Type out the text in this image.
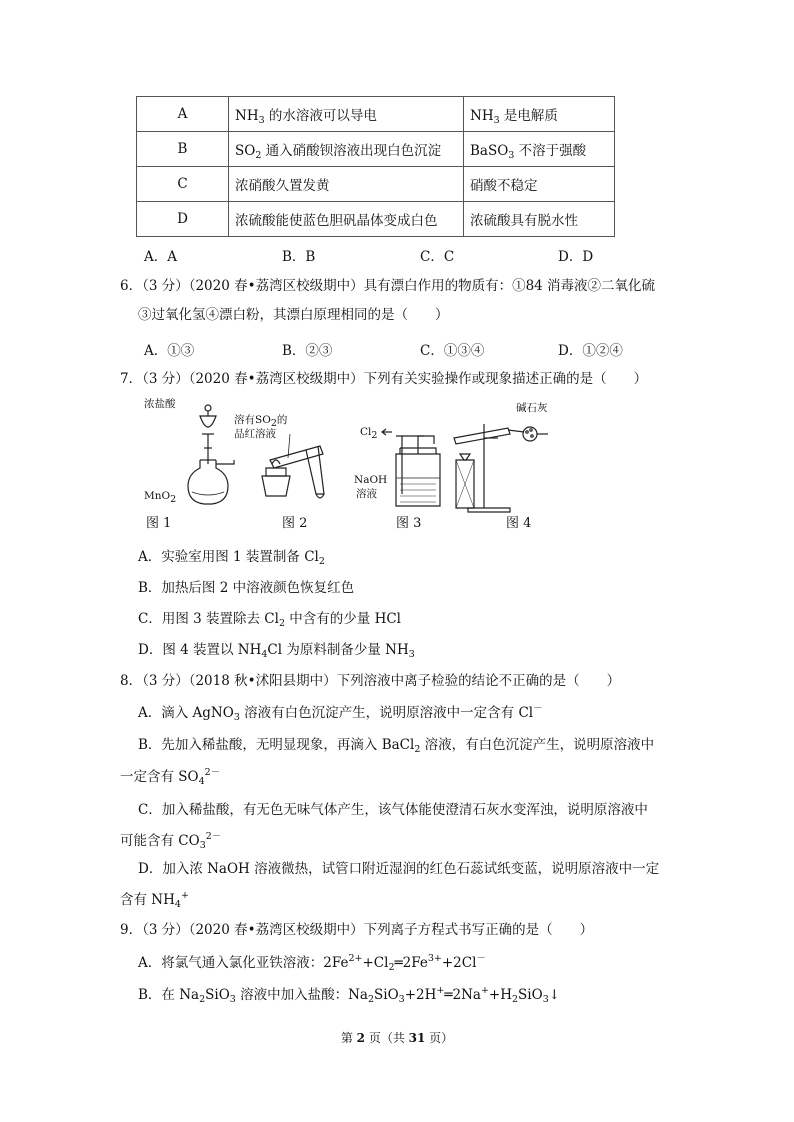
A	$NH_3$ 的水溶液可以导电	$NH_3$ 是电解质
B	$SO_2$ 通入硝酸钡溶液出现白色沉淀	BaSO$_3$ 不溶于强酸
C	浓硝酸久置发黄	硝酸不稳定
D	浓硫酸能使蓝色胆矾晶体变成白色	浓硫酸具有脱水性
A．A	B．B	C．C	D．D
6．（3 分）（2020 春•荔湾区校级期中）具有漂白作用的物质有：①84 消毒液②二氧化硫
③过氧化氢④漂白粉，其漂白原理相同的是（　　）
A．①③	B．②③	C．①③④	D．①②④
7．（3 分）（2020 春•荔湾区校级期中）下列有关实验操作或现象描述正确的是（　　）
浓盐酸
MnO$_2$
溶有$SO_2$的
品红溶液	$Cl_2$
NaOH
溶液
碱石灰
图 1	图 2	图 3	图 4
A．实验室用图 1 装置制备 $Cl_2$
B．加热后图 2 中溶液颜色恢复红色
C．用图 3 装置除去 $Cl_2$ 中含有的少量 HCl
D．图 4 装置以 $NH_4Cl$ 为原料制备少量 $NH_3$
8．（3 分）（2018 秋•沭阳县期中）下列溶液中离子检验的结论不正确的是（　　）
A．滴入 AgNO$_3$ 溶液有白色沉淀产生，说明原溶液中一定含有 Cl－
B．先加入稀盐酸，无明显现象，再滴入 BaCl$_2$ 溶液，有白色沉淀产生，说明原溶液中
一定含有 $SO_4^{2-}$
C．加入稀盐酸，有无色无味气体产生，该气体能使澄清石灰水变浑浊，说明原溶液中
可能含有 $CO_3^{2-}$
D．加入浓 NaOH 溶液微热，试管口附近湿润的红色石蕊试纸变蓝，说明原溶液中一定
含有 $NH_4^+$
9．（3 分）（2020 春•荔湾区校级期中）下列离子方程式书写正确的是（　　）
A．将氯气通入氯化亚铁溶液：$2Fe^{2+}+Cl_2═2Fe^{3+}+2Cl^-$
B．在 $Na_2SiO_3$ 溶液中加入盐酸：$Na_2SiO_3+2H^+═2Na^++H_2SiO_3↓$
第 2 页（共 31 页）
